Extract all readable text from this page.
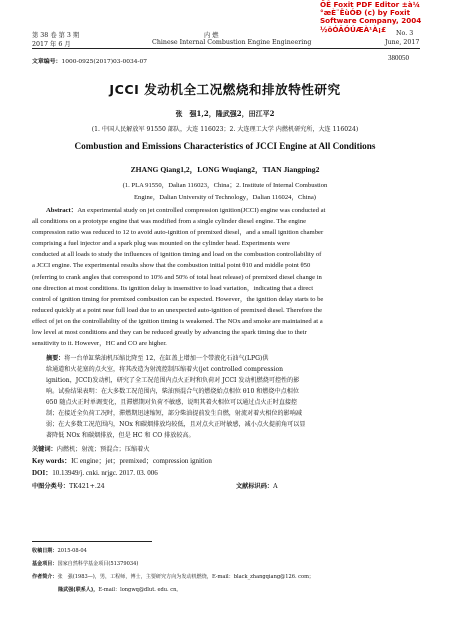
ÖÊ Foxit PDF Editor ±à¼
°æÈ¨ËùÓÐ (c) by Foxit Software Company, 2004
½öÓÃÓÚÆÀ¹À¡£
第 38 卷 第 3 期
2017 年 6 月
内 燃
Chinese Internal Combustion Engine Engineering
No. 3
June, 2017
文章编号：1000-0925(2017)03-0034-07	380050
JCCI 发动机全工况燃烧和排放特性研究
张　强1,2，隆武强2，田江平2
(1. 中国人民解放军 91550 部队，大连 116023；2. 大连理工大学 内燃机研究所，大连 116024)
Combustion and Emissions Characteristics of JCCI Engine at All Conditions
ZHANG Qiang1,2，LONG Wuqiang2，TIAN Jiangping2
(1. PLA 91550，Dalian 116023，China；2. Institute of Internal Combustion
Engine，Dalian University of Technology，Dalian 116024，China)
Abstract：An experimental study on jet controlled compression ignition(JCCI) engine was conducted at
all conditions on a prototype engine that was modified from a single cylinder diesel engine. The engine
compression ratio was reduced to 12 to avoid auto-ignition of premixed diesel，and a small ignition chamber
comprising a fuel injector and a spark plug was mounted on the cylinder head. Experiments were
conducted at all loads to study the influences of ignition timing and load on the combustion controllability of
a JCCI engine. The experimental results show that the combustion initial point θ10 and middle point θ50
(referring to crank angles that correspond to 10% and 50% of total heat release) of premixed diesel change in
one direction at most conditions. Its ignition delay is insensitive to load variation，indicating that a direct
control of ignition timing for premixed combustion can be expected. However，the ignition delay starts to be
reduced quickly at a point near full load due to an unexpected auto-ignition of premixed diesel. Therefore the
effect of jet on the controllability of the ignition timing is weakened. The NOx and smoke are maintained at a
low level at most conditions and they can be reduced greatly by advancing the spark timing due to their
sensitivity to it. However，HC and CO are higher.
摘要：将一台单缸柴油机压缩比降至 12，在缸盖上增加一个带液化石油气(LPG)供
给通道和火花塞的点火室，将其改造为射流控制压缩着火(jet controlled compression
ignition，JCCI)发动机，研究了全工况范围内点火正时和负荷对 JCCI 发动机燃烧可控性的影
响。试验结果表明：在大多数工况范围内，柴油预混合气的燃烧始点相位 θ10 和燃烧中点相位
θ50 随点火正时单调变化，且滞燃期对负荷不敏感，说明其着火相位可以通过点火正时直接控
制；在接近全负荷工况时，滞燃期迅速缩短，部分柴油提前发生自燃，射流对着火相位的影响减
弱；在大多数工况范围内，NOx 和碳烟排放均较低，且对点火正时敏感，减小点火提前角可以显
著降低 NOx 和碳烟排放，但是 HC 和 CO 排放较高。
关键词：内燃机；射流；预混合；压缩着火
Key words：IC engine；jet；premixed；compression ignition
DOI：10.13949/j. cnki. nrjgc. 2017. 03. 006
中图分类号：TK421+.24	文献标识码：A
收稿日期：2015-08-04
基金项目：国家自然科学基金项目(51379034)
作者简介：张　强(1983—)，男，工程师，博士，主要研究方向为发动机燃烧，E-mail：black_zhangqiang@126. com；
隆武强(联系人)，E-mail：longwq@dlut. edu. cn。
